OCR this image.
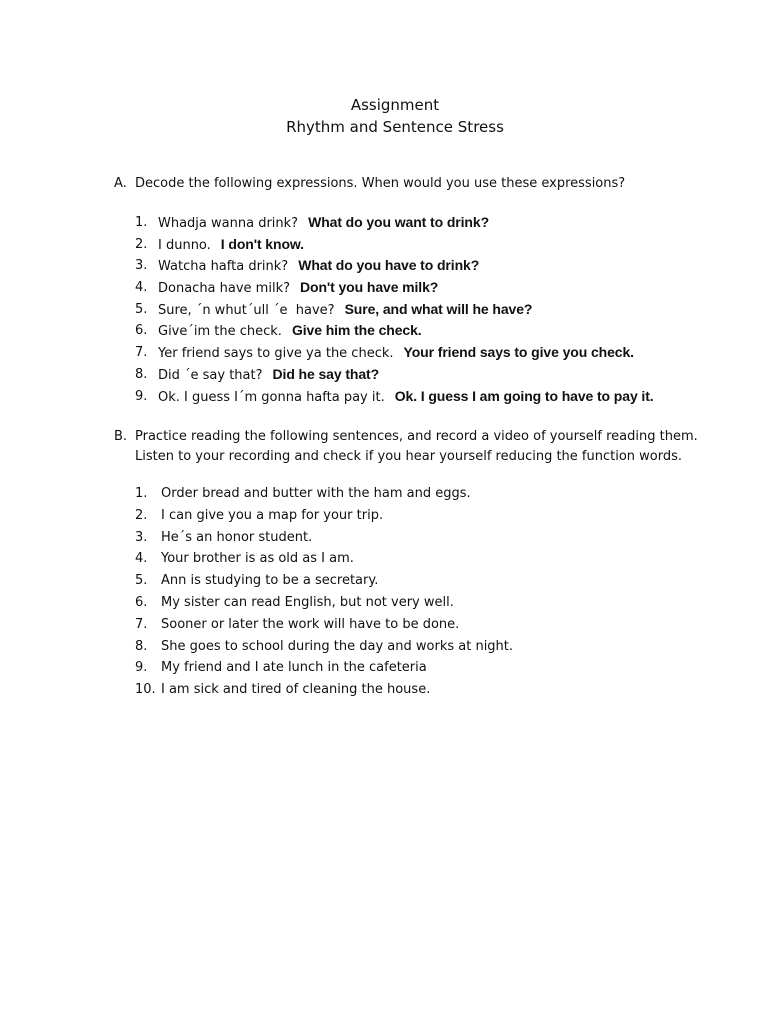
Assignment
Rhythm and Sentence Stress
A. Decode the following expressions. When would you use these expressions?
1. Whadja wanna drink? What do you want to drink?
2. I dunno. I don't know.
3. Watcha hafta drink? What do you have to drink?
4. Donacha have milk? Don't you have milk?
5. Sure, ´n whut´ull ´e  have? Sure, and what will he have?
6. Give´im the check. Give him the check.
7. Yer friend says to give ya the check. Your friend says to give you check.
8. Did ´e say that? Did he say that?
9. Ok. I guess I´m gonna hafta pay it. Ok. I guess I am going to have to pay it.
B. Practice reading the following sentences, and record a video of yourself reading them.
Listen to your recording and check if you hear yourself reducing the function words.
1. Order bread and butter with the ham and eggs.
2. I can give you a map for your trip.
3. He´s an honor student.
4. Your brother is as old as I am.
5. Ann is studying to be a secretary.
6. My sister can read English, but not very well.
7. Sooner or later the work will have to be done.
8. She goes to school during the day and works at night.
9. My friend and I ate lunch in the cafeteria
10. I am sick and tired of cleaning the house.
